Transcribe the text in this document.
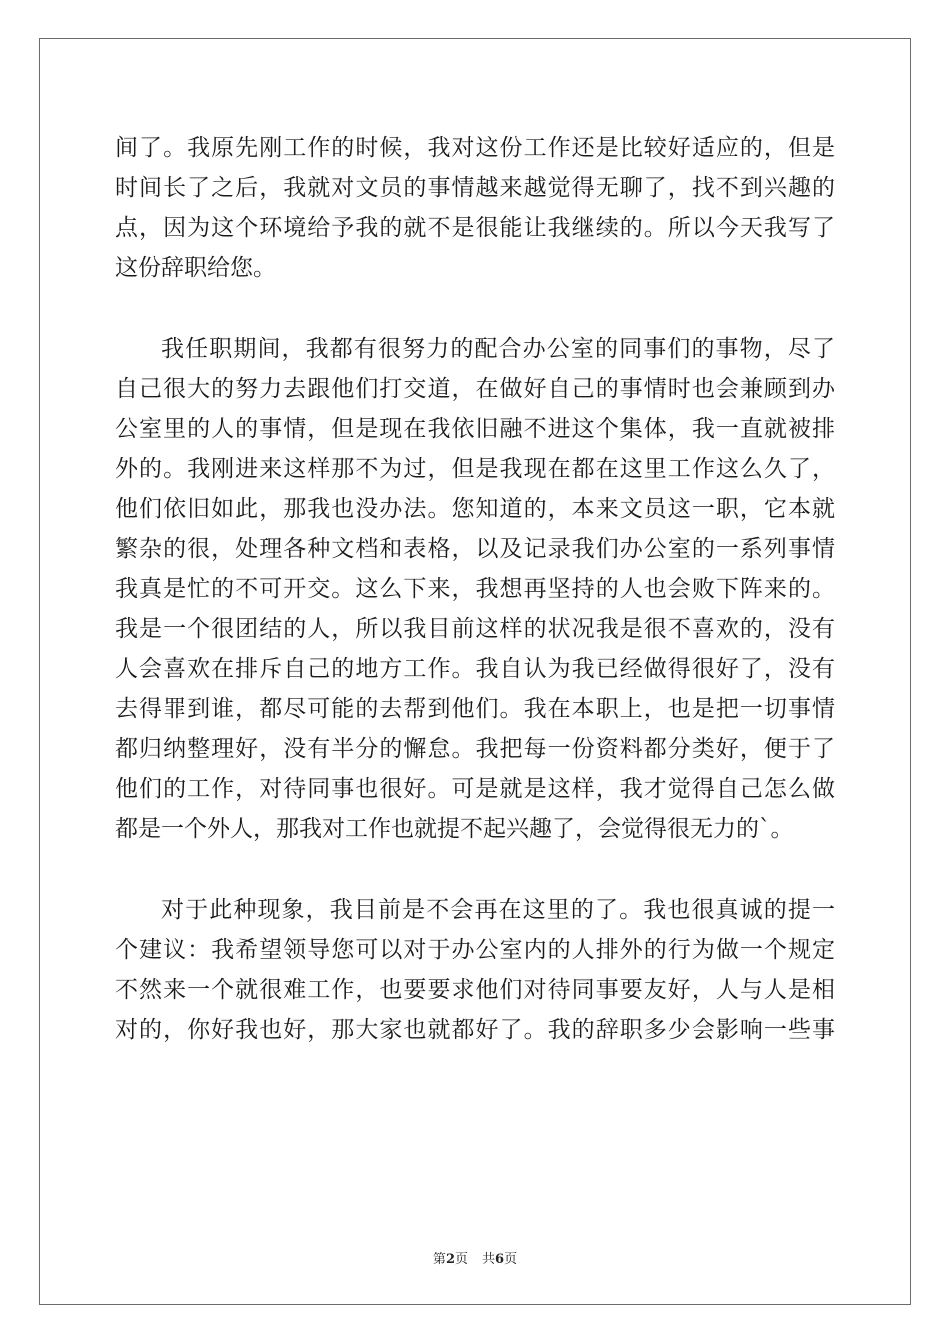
间了。我原先刚工作的时候，我对这份工作还是比较好适应的，但是
时间长了之后，我就对文员的事情越来越觉得无聊了，找不到兴趣的
点，因为这个环境给予我的就不是很能让我继续的。所以今天我写了
这份辞职给您。
我任职期间，我都有很努力的配合办公室的同事们的事物，尽了
自己很大的努力去跟他们打交道，在做好自己的事情时也会兼顾到办
公室里的人的事情，但是现在我依旧融不进这个集体，我一直就被排
外的。我刚进来这样那不为过，但是我现在都在这里工作这么久了，
他们依旧如此，那我也没办法。您知道的，本来文员这一职，它本就
繁杂的很，处理各种文档和表格，以及记录我们办公室的一系列事情
我真是忙的不可开交。这么下来，我想再坚持的人也会败下阵来的。
我是一个很团结的人，所以我目前这样的状况我是很不喜欢的，没有
人会喜欢在排斥自己的地方工作。我自认为我已经做得很好了，没有
去得罪到谁，都尽可能的去帮到他们。我在本职上，也是把一切事情
都归纳整理好，没有半分的懈怠。我把每一份资料都分类好，便于了
他们的工作，对待同事也很好。可是就是这样，我才觉得自己怎么做
都是一个外人，那我对工作也就提不起兴趣了，会觉得很无力的`。
对于此种现象，我目前是不会再在这里的了。我也很真诚的提一
个建议：我希望领导您可以对于办公室内的人排外的行为做一个规定
不然来一个就很难工作，也要要求他们对待同事要友好，人与人是相
对的，你好我也好，那大家也就都好了。我的辞职多少会影响一些事
第2页 共6页
